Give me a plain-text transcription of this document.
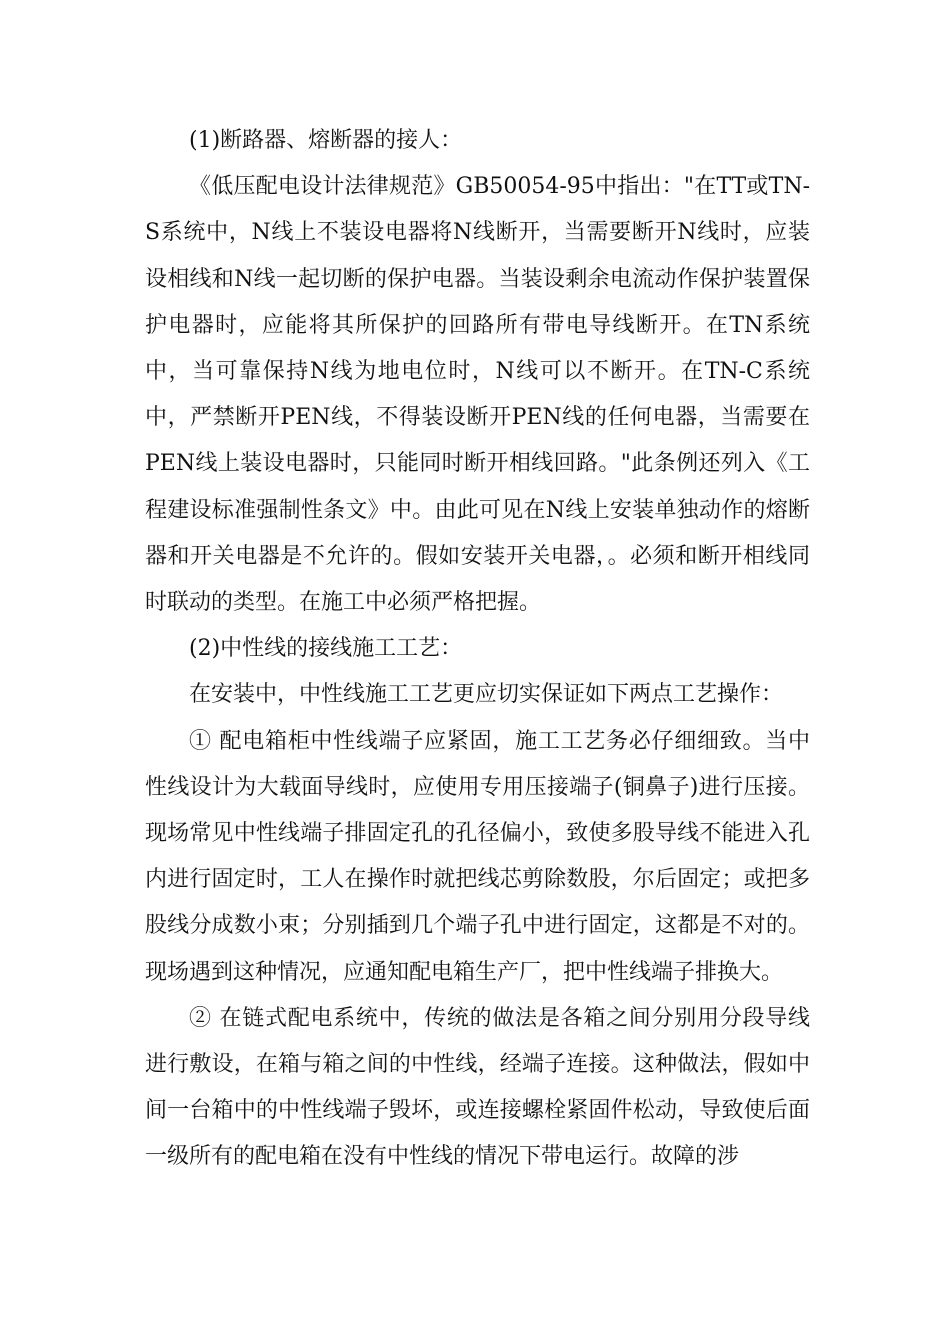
(1)断路器、熔断器的接人：

《低压配电设计法律规范》GB50054-95中指出："在TT或TN-S系统中，N线上不装设电器将N线断开，当需要断开N线时，应装设相线和N线一起切断的保护电器。当装设剩余电流动作保护装置保护电器时，应能将其所保护的回路所有带电导线断开。在TN系统中，当可靠保持N线为地电位时，N线可以不断开。在TN-C系统中，严禁断开PEN线，不得装设断开PEN线的任何电器，当需要在PEN线上装设电器时，只能同时断开相线回路。"此条例还列入《工程建设标准强制性条文》中。由此可见在N线上安装单独动作的熔断器和开关电器是不允许的。假如安装开关电器，。必须和断开相线同时联动的类型。在施工中必须严格把握。

(2)中性线的接线施工工艺：

在安装中，中性线施工工艺更应切实保证如下两点工艺操作：

① 配电箱柜中性线端子应紧固，施工工艺务必仔细细致。当中性线设计为大载面导线时，应使用专用压接端子(铜鼻子)进行压接。现场常见中性线端子排固定孔的孔径偏小，致使多股导线不能进入孔内进行固定时，工人在操作时就把线芯剪除数股，尔后固定；或把多股线分成数小束；分别插到几个端子孔中进行固定，这都是不对的。现场遇到这种情况，应通知配电箱生产厂，把中性线端子排换大。

② 在链式配电系统中，传统的做法是各箱之间分别用分段导线进行敷设，在箱与箱之间的中性线，经端子连接。这种做法，假如中间一台箱中的中性线端子毁坏，或连接螺栓紧固件松动，导致使后面一级所有的配电箱在没有中性线的情况下带电运行。故障的涉
